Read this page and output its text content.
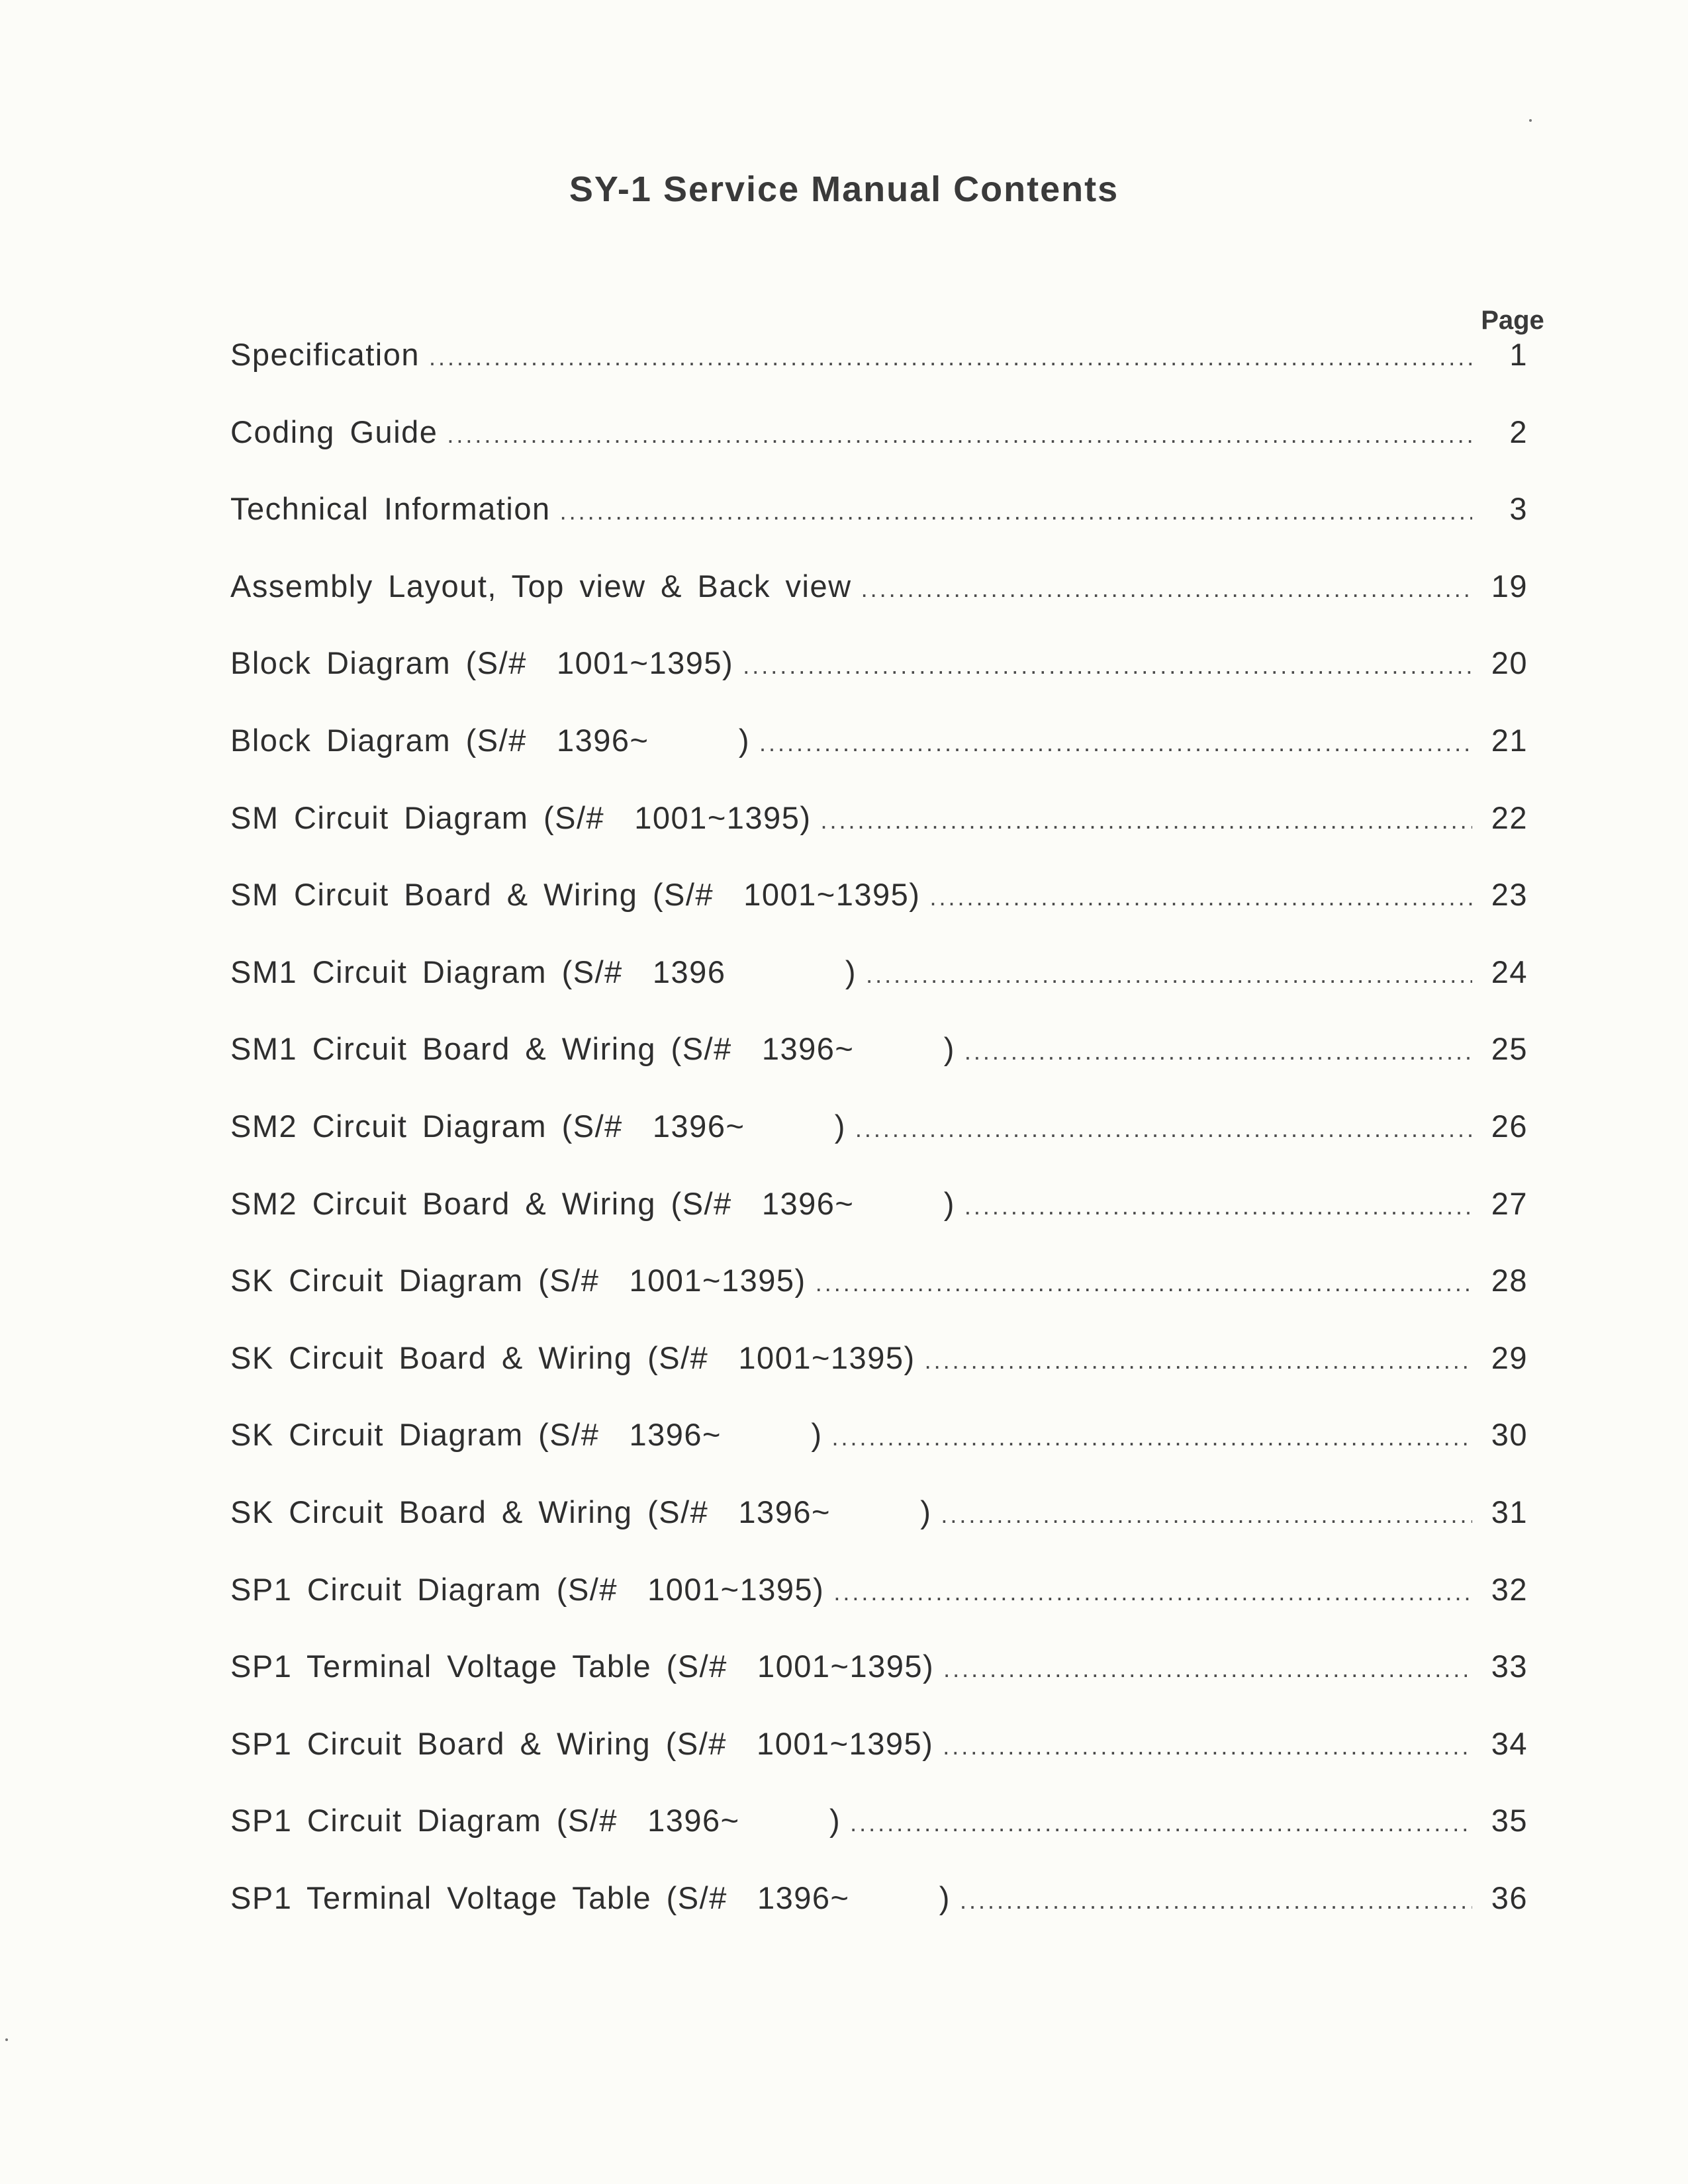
SY-1 Service Manual Contents
Page
Specification .....	1
Coding Guide .....	2
Technical Information .....	3
Assembly Layout, Top view & Back view .....	19
Block Diagram (S/#  1001~1395) .....	20
Block Diagram (S/#  1396~      ) .....	21
SM Circuit Diagram (S/#  1001~1395) .....	22
SM Circuit Board & Wiring (S/#  1001~1395) .....	23
SM1 Circuit Diagram (S/#  1396        ) .....	24
SM1 Circuit Board & Wiring (S/#  1396~      ) .....	25
SM2 Circuit Diagram (S/#  1396~      ) .....	26
SM2 Circuit Board & Wiring (S/#  1396~      ) .....	27
SK Circuit Diagram (S/#  1001~1395) .....	28
SK Circuit Board & Wiring (S/#  1001~1395) .....	29
SK Circuit Diagram (S/#  1396~      ) .....	30
SK Circuit Board & Wiring (S/#  1396~      ) .....	31
SP1 Circuit Diagram (S/#  1001~1395) .....	32
SP1 Terminal Voltage Table (S/#  1001~1395) .....	33
SP1 Circuit Board & Wiring (S/#  1001~1395) .....	34
SP1 Circuit Diagram (S/#  1396~      ) .....	35
SP1 Terminal Voltage Table (S/#  1396~      ) .....	36
